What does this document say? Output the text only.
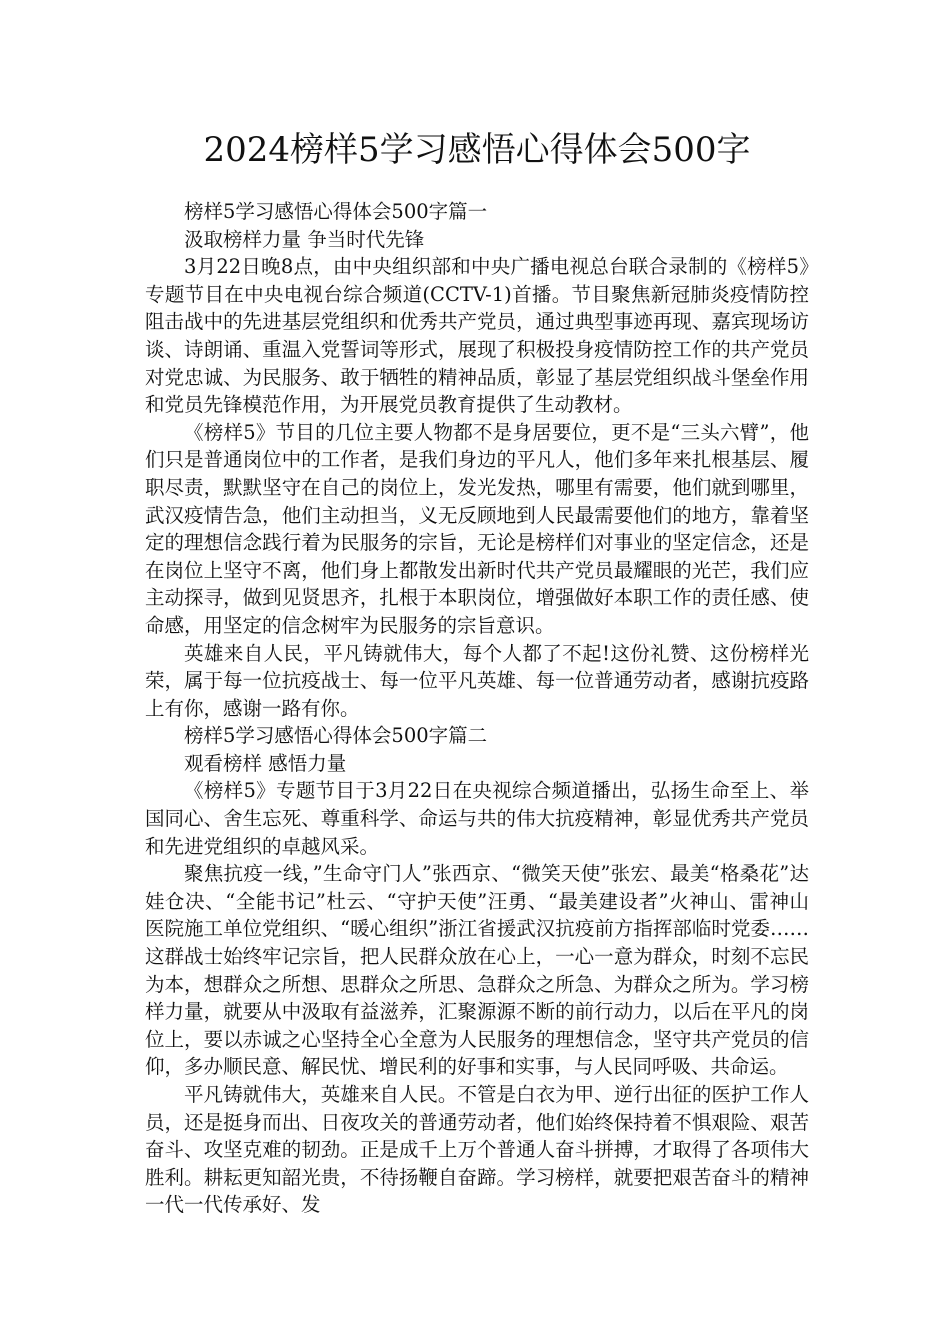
2024榜样5学习感悟心得体会500字

榜样5学习感悟心得体会500字篇一

汲取榜样力量 争当时代先锋

3月22日晚8点，由中央组织部和中央广播电视总台联合录制的《榜样5》专题节目在中央电视台综合频道(CCTV-1)首播。节目聚焦新冠肺炎疫情防控阻击战中的先进基层党组织和优秀共产党员，通过典型事迹再现、嘉宾现场访谈、诗朗诵、重温入党誓词等形式，展现了积极投身疫情防控工作的共产党员对党忠诚、为民服务、敢于牺牲的精神品质，彰显了基层党组织战斗堡垒作用和党员先锋模范作用，为开展党员教育提供了生动教材。

《榜样5》节目的几位主要人物都不是身居要位，更不是“三头六臂”，他们只是普通岗位中的工作者，是我们身边的平凡人，他们多年来扎根基层、履职尽责，默默坚守在自己的岗位上，发光发热，哪里有需要，他们就到哪里，武汉疫情告急，他们主动担当，义无反顾地到人民最需要他们的地方，靠着坚定的理想信念践行着为民服务的宗旨，无论是榜样们对事业的坚定信念，还是在岗位上坚守不离，他们身上都散发出新时代共产党员最耀眼的光芒，我们应主动探寻，做到见贤思齐，扎根于本职岗位，增强做好本职工作的责任感、使命感，用坚定的信念树牢为民服务的宗旨意识。

英雄来自人民，平凡铸就伟大，每个人都了不起!这份礼赞、这份榜样光荣，属于每一位抗疫战士、每一位平凡英雄、每一位普通劳动者，感谢抗疫路上有你，感谢一路有你。

榜样5学习感悟心得体会500字篇二

观看榜样 感悟力量

《榜样5》专题节目于3月22日在央视综合频道播出，弘扬生命至上、举国同心、舍生忘死、尊重科学、命运与共的伟大抗疫精神，彰显优秀共产党员和先进党组织的卓越风采。

聚焦抗疫一线，”生命守门人”张西京、“微笑天使”张宏、最美“格桑花”达娃仓决、“全能书记”杜云、“守护天使”汪勇、“最美建设者”火神山、雷神山医院施工单位党组织、“暖心组织”浙江省援武汉抗疫前方指挥部临时党委……这群战士始终牢记宗旨，把人民群众放在心上，一心一意为群众，时刻不忘民为本，想群众之所想、思群众之所思、急群众之所急、为群众之所为。学习榜样力量，就要从中汲取有益滋养，汇聚源源不断的前行动力，以后在平凡的岗位上，要以赤诚之心坚持全心全意为人民服务的理想信念，坚守共产党员的信仰，多办顺民意、解民忧、增民利的好事和实事，与人民同呼吸、共命运。

平凡铸就伟大，英雄来自人民。不管是白衣为甲、逆行出征的医护工作人员，还是挺身而出、日夜攻关的普通劳动者，他们始终保持着不惧艰险、艰苦奋斗、攻坚克难的韧劲。正是成千上万个普通人奋斗拼搏，才取得了各项伟大胜利。耕耘更知韶光贵，不待扬鞭自奋蹄。学习榜样，就要把艰苦奋斗的精神一代一代传承好、发
